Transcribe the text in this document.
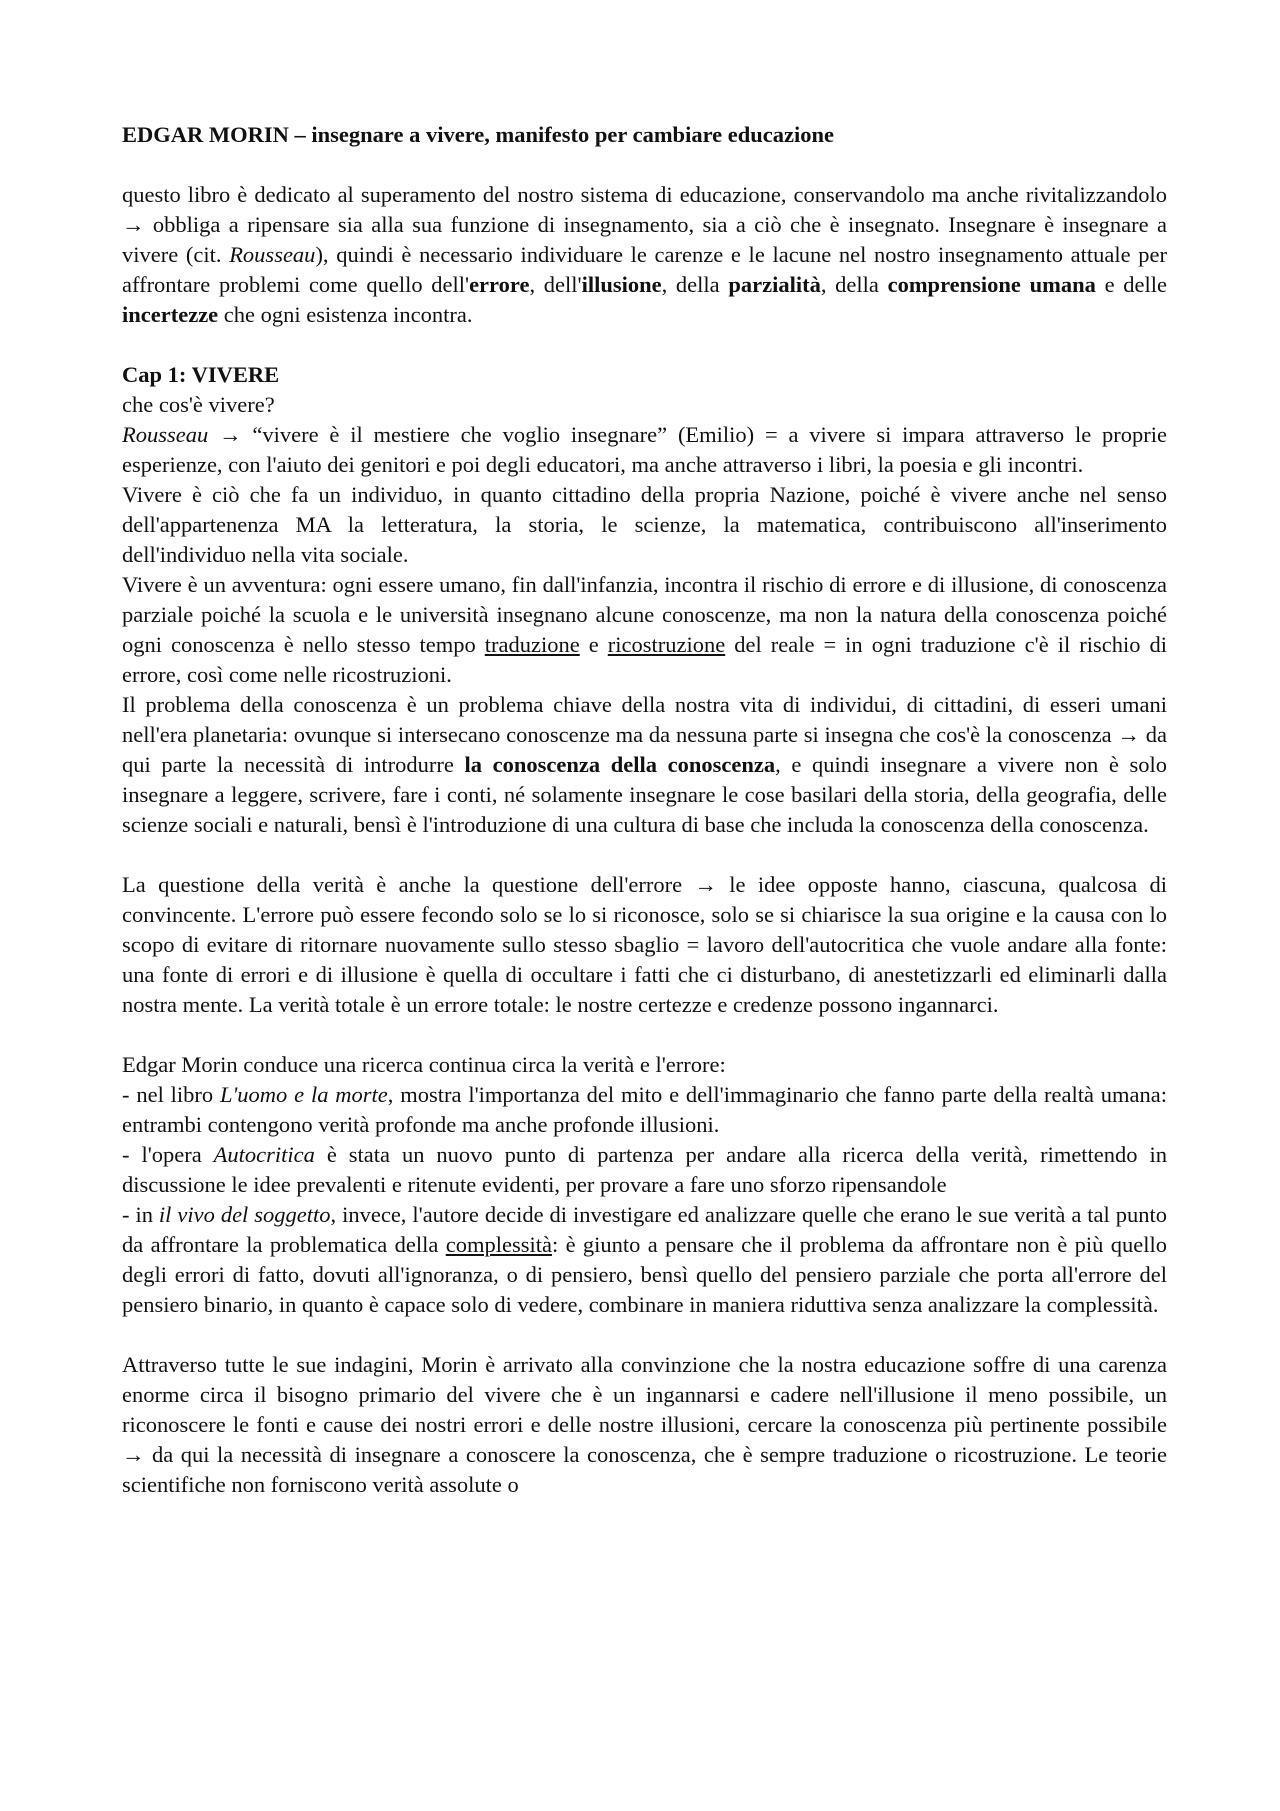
EDGAR MORIN – insegnare a vivere, manifesto per cambiare educazione

questo libro è dedicato al superamento del nostro sistema di educazione, conservandolo ma anche rivitalizzandolo → obbliga a ripensare sia alla sua funzione di insegnamento, sia a ciò che è insegnato. Insegnare è insegnare a vivere (cit. Rousseau), quindi è necessario individuare le carenze e le lacune nel nostro insegnamento attuale per affrontare problemi come quello dell'errore, dell'illusione, della parzialità, della comprensione umana e delle incertezze che ogni esistenza incontra.

Cap 1: VIVERE

che cos'è vivere?

Rousseau → “vivere è il mestiere che voglio insegnare” (Emilio) = a vivere si impara attraverso le proprie esperienze, con l'aiuto dei genitori e poi degli educatori, ma anche attraverso i libri, la poesia e gli incontri.

Vivere è ciò che fa un individuo, in quanto cittadino della propria Nazione, poiché è vivere anche nel senso dell'appartenenza MA la letteratura, la storia, le scienze, la matematica, contribuiscono all'inserimento dell'individuo nella vita sociale.

Vivere è un avventura: ogni essere umano, fin dall'infanzia, incontra il rischio di errore e di illusione, di conoscenza parziale poiché la scuola e le università insegnano alcune conoscenze, ma non la natura della conoscenza poiché ogni conoscenza è nello stesso tempo traduzione e ricostruzione del reale = in ogni traduzione c'è il rischio di errore, così come nelle ricostruzioni.

Il problema della conoscenza è un problema chiave della nostra vita di individui, di cittadini, di esseri umani nell'era planetaria: ovunque si intersecano conoscenze ma da nessuna parte si insegna che cos'è la conoscenza → da qui parte la necessità di introdurre la conoscenza della conoscenza, e quindi insegnare a vivere non è solo insegnare a leggere, scrivere, fare i conti, né solamente insegnare le cose basilari della storia, della geografia, delle scienze sociali e naturali, bensì è l'introduzione di una cultura di base che includa la conoscenza della conoscenza.

La questione della verità è anche la questione dell'errore → le idee opposte hanno, ciascuna, qualcosa di convincente. L'errore può essere fecondo solo se lo si riconosce, solo se si chiarisce la sua origine e la causa con lo scopo di evitare di ritornare nuovamente sullo stesso sbaglio = lavoro dell'autocritica che vuole andare alla fonte: una fonte di errori e di illusione è quella di occultare i fatti che ci disturbano, di anestetizzarli ed eliminarli dalla nostra mente. La verità totale è un errore totale: le nostre certezze e credenze possono ingannarci.

Edgar Morin conduce una ricerca continua circa la verità e l'errore:

- nel libro L'uomo e la morte, mostra l'importanza del mito e dell'immaginario che fanno parte della realtà umana: entrambi contengono verità profonde ma anche profonde illusioni.

- l'opera Autocritica è stata un nuovo punto di partenza per andare alla ricerca della verità, rimettendo in discussione le idee prevalenti e ritenute evidenti, per provare a fare uno sforzo ripensandole

- in il vivo del soggetto, invece, l'autore decide di investigare ed analizzare quelle che erano le sue verità a tal punto da affrontare la problematica della complessità: è giunto a pensare che il problema da affrontare non è più quello degli errori di fatto, dovuti all'ignoranza, o di pensiero, bensì quello del pensiero parziale che porta all'errore del pensiero binario, in quanto è capace solo di vedere, combinare in maniera riduttiva senza analizzare la complessità.

Attraverso tutte le sue indagini, Morin è arrivato alla convinzione che la nostra educazione soffre di una carenza enorme circa il bisogno primario del vivere che è un ingannarsi e cadere nell'illusione il meno possibile, un riconoscere le fonti e cause dei nostri errori e delle nostre illusioni, cercare la conoscenza più pertinente possibile → da qui la necessità di insegnare a conoscere la conoscenza, che è sempre traduzione o ricostruzione. Le teorie scientifiche non forniscono verità assolute o
